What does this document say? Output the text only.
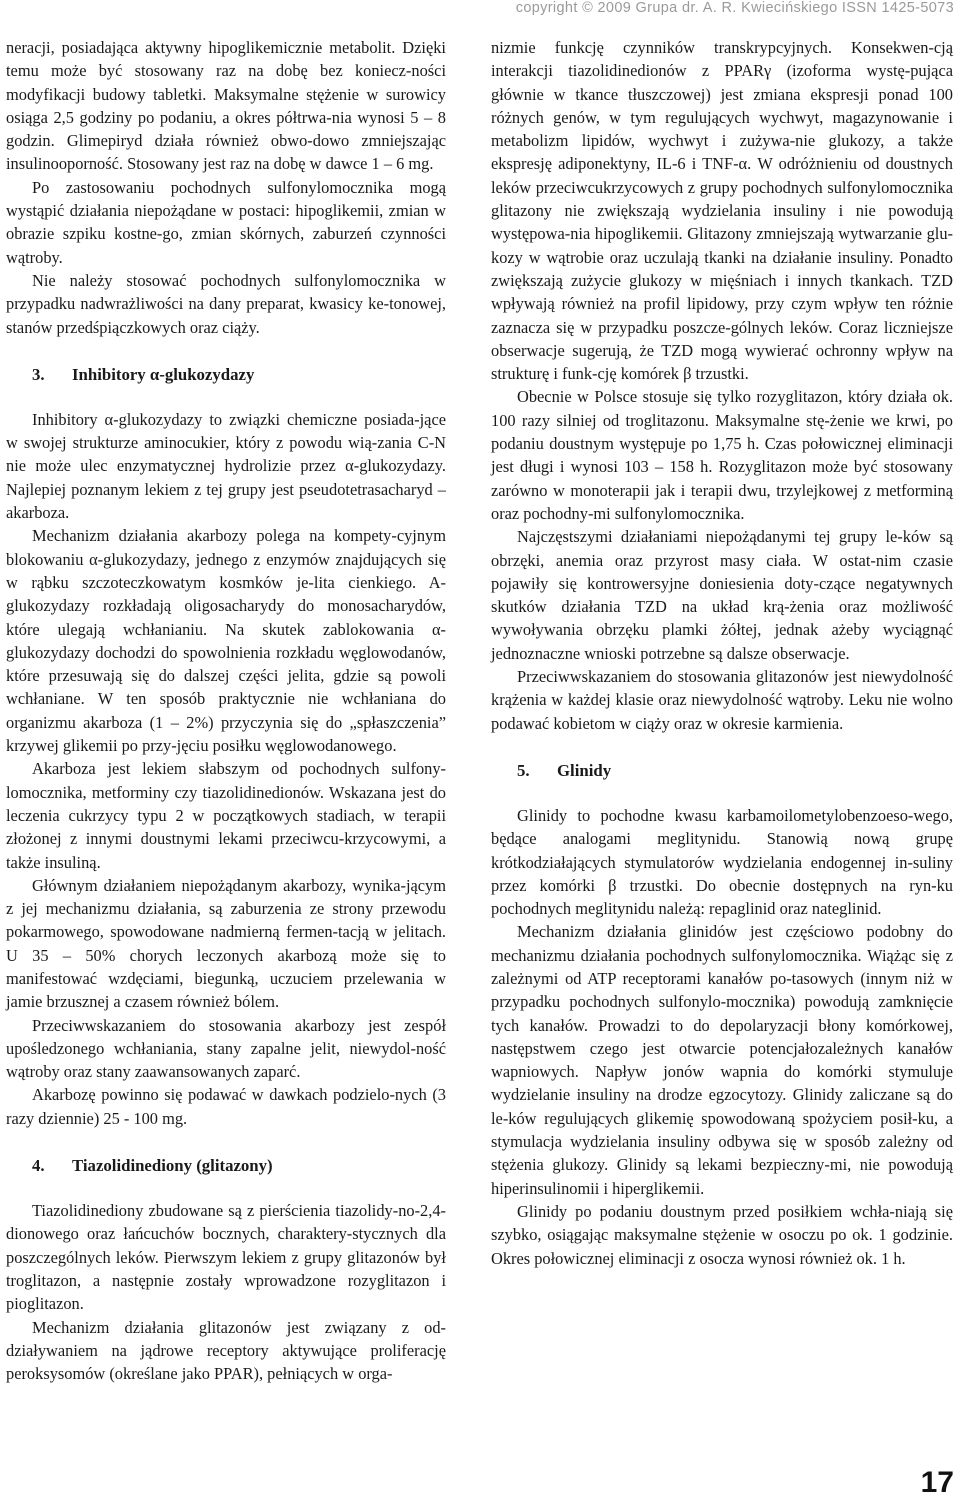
copyright © 2009 Grupa dr. A. R. Kwiecińskiego ISSN 1425-5073

neracji, posiadająca aktywny hipoglikemicznie metabolit. Dzięki temu może być stosowany raz na dobę bez koniecz-ności modyfikacji budowy tabletki. Maksymalne stężenie w surowicy osiąga 2,5 godziny po podaniu, a okres półtrwa-nia wynosi 5 – 8 godzin. Glimepiryd działa również obwo-dowo zmniejszając insulinooporność. Stosowany jest raz na dobę w dawce 1 – 6 mg.

Po zastosowaniu pochodnych sulfonylomocznika mogą wystąpić działania niepożądane w postaci: hipoglikemii, zmian w obrazie szpiku kostne-go, zmian skórnych, zaburzeń czynności wątroby.

Nie należy stosować pochodnych sulfonylomocznika w przypadku nadwrażliwości na dany preparat, kwasicy ke-tonowej, stanów przedśpiączkowych oraz ciąży.

3. Inhibitory α-glukozydazy

Inhibitory α-glukozydazy to związki chemiczne posiada-jące w swojej strukturze aminocukier, który z powodu wią-zania C-N nie może ulec enzymatycznej hydrolizie przez α-glukozydazy. Najlepiej poznanym lekiem z tej grupy jest pseudotetrasacharyd – akarboza.

Mechanizm działania akarbozy polega na kompety-cyjnym blokowaniu α-glukozydazy, jednego z enzymów znajdujących się w rąbku szczoteczkowatym kosmków je-lita cienkiego. A-glukozydazy rozkładają oligosacharydy do monosacharydów, które ulegają wchłanianiu. Na skutek zablokowania α-glukozydazy dochodzi do spowolnienia rozkładu węglowodanów, które przesuwają się do dalszej części jelita, gdzie są powoli wchłaniane. W ten sposób praktycznie nie wchłaniana do organizmu akarboza (1 – 2%) przyczynia się do „spłaszczenia” krzywej glikemii po przy-jęciu posiłku węglowodanowego.

Akarboza jest lekiem słabszym od pochodnych sulfony-lomocznika, metforminy czy tiazolidinedionów. Wskazana jest do leczenia cukrzycy typu 2 w początkowych stadiach, w terapii złożonej z innymi doustnymi lekami przeciwcu-krzycowymi, a także insuliną.

Głównym działaniem niepożądanym akarbozy, wynika-jącym z jej mechanizmu działania, są zaburzenia ze strony przewodu pokarmowego, spowodowane nadmierną fermen-tacją w jelitach. U 35 – 50% chorych leczonych akarbozą może się to manifestować wzdęciami, biegunką, uczuciem przelewania w jamie brzusznej a czasem również bólem.

Przeciwwskazaniem do stosowania akarbozy jest zespół upośledzonego wchłaniania, stany zapalne jelit, niewydol-ność wątroby oraz stany zaawansowanych zaparć.

Akarbozę powinno się podawać w dawkach podzielo-nych (3 razy dziennie) 25 - 100 mg.

4. Tiazolidinediony (glitazony)

Tiazolidinediony zbudowane są z pierścienia tiazolidy-no-2,4-dionowego oraz łańcuchów bocznych, charaktery-stycznych dla poszczególnych leków. Pierwszym lekiem z grupy glitazonów był troglitazon, a następnie zostały wprowadzone rozyglitazon i pioglitazon.

Mechanizm działania glitazonów jest związany z od-działywaniem na jądrowe receptory aktywujące proliferację peroksysomów (określane jako PPAR), pełniących w orga-

nizmie funkcję czynników transkrypcyjnych. Konsekwen-cją interakcji tiazolidinedionów z PPARγ (izoforma wystę-pująca głównie w tkance tłuszczowej) jest zmiana ekspresji ponad 100 różnych genów, w tym regulujących wychwyt, magazynowanie i metabolizm lipidów, wychwyt i zużywa-nie glukozy, a także ekspresję adiponektyny, IL-6 i TNF-α. W odróżnieniu od doustnych leków przeciwcukrzycowych z grupy pochodnych sulfonylomocznika glitazony nie zwiększają wydzielania insuliny i nie powodują występowa-nia hipoglikemii. Glitazony zmniejszają wytwarzanie glu-kozy w wątrobie oraz uczulają tkanki na działanie insuliny. Ponadto zwiększają zużycie glukozy w mięśniach i innych tkankach. TZD wpływają również na profil lipidowy, przy czym wpływ ten różnie zaznacza się w przypadku poszcze-gólnych leków. Coraz liczniejsze obserwacje sugerują, że TZD mogą wywierać ochronny wpływ na strukturę i funk-cję komórek β trzustki.

Obecnie w Polsce stosuje się tylko rozyglitazon, który działa ok. 100 razy silniej od troglitazonu. Maksymalne stę-żenie we krwi, po podaniu doustnym występuje po 1,75 h. Czas połowicznej eliminacji jest długi i wynosi 103 – 158 h. Rozyglitazon może być stosowany zarówno w monoterapii jak i terapii dwu, trzylejkowej z metforminą oraz pochodny-mi sulfonylomocznika.

Najczęstszymi działaniami niepożądanymi tej grupy le-ków są obrzęki, anemia oraz przyrost masy ciała. W ostat-nim czasie pojawiły się kontrowersyjne doniesienia doty-czące negatywnych skutków działania TZD na układ krą-żenia oraz możliwość wywoływania obrzęku plamki żółtej, jednak ażeby wyciągnąć jednoznaczne wnioski potrzebne są dalsze obserwacje.

Przeciwwskazaniem do stosowania glitazonów jest niewydolność krążenia w każdej klasie oraz niewydolność wątroby. Leku nie wolno podawać kobietom w ciąży oraz w okresie karmienia.

5. Glinidy

Glinidy to pochodne kwasu karbamoilometylobenzoeso-wego, będące analogami meglitynidu. Stanowią nową grupę krótkodziałających stymulatorów wydzielania endogennej in-suliny przez komórki β trzustki. Do obecnie dostępnych na ryn-ku pochodnych meglitynidu należą: repaglinid oraz nateglinid.

Mechanizm działania glinidów jest częściowo podobny do mechanizmu działania pochodnych sulfonylomocznika. Wiążąc się z zależnymi od ATP receptorami kanałów po-tasowych (innym niż w przypadku pochodnych sulfonylo-mocznika) powodują zamknięcie tych kanałów. Prowadzi to do depolaryzacji błony komórkowej, następstwem czego jest otwarcie potencjałozależnych kanałów wapniowych. Napływ jonów wapnia do komórki stymuluje wydzielanie insuliny na drodze egzocytozy. Glinidy zaliczane są do le-ków regulujących glikemię spowodowaną spożyciem posił-ku, a stymulacja wydzielania insuliny odbywa się w sposób zależny od stężenia glukozy. Glinidy są lekami bezpieczny-mi, nie powodują hiperinsulinomii i hiperglikemii.

Glinidy po podaniu doustnym przed posiłkiem wchła-niają się szybko, osiągając maksymalne stężenie w osoczu po ok. 1 godzinie. Okres połowicznej eliminacji z osocza wynosi również ok. 1 h.

17
